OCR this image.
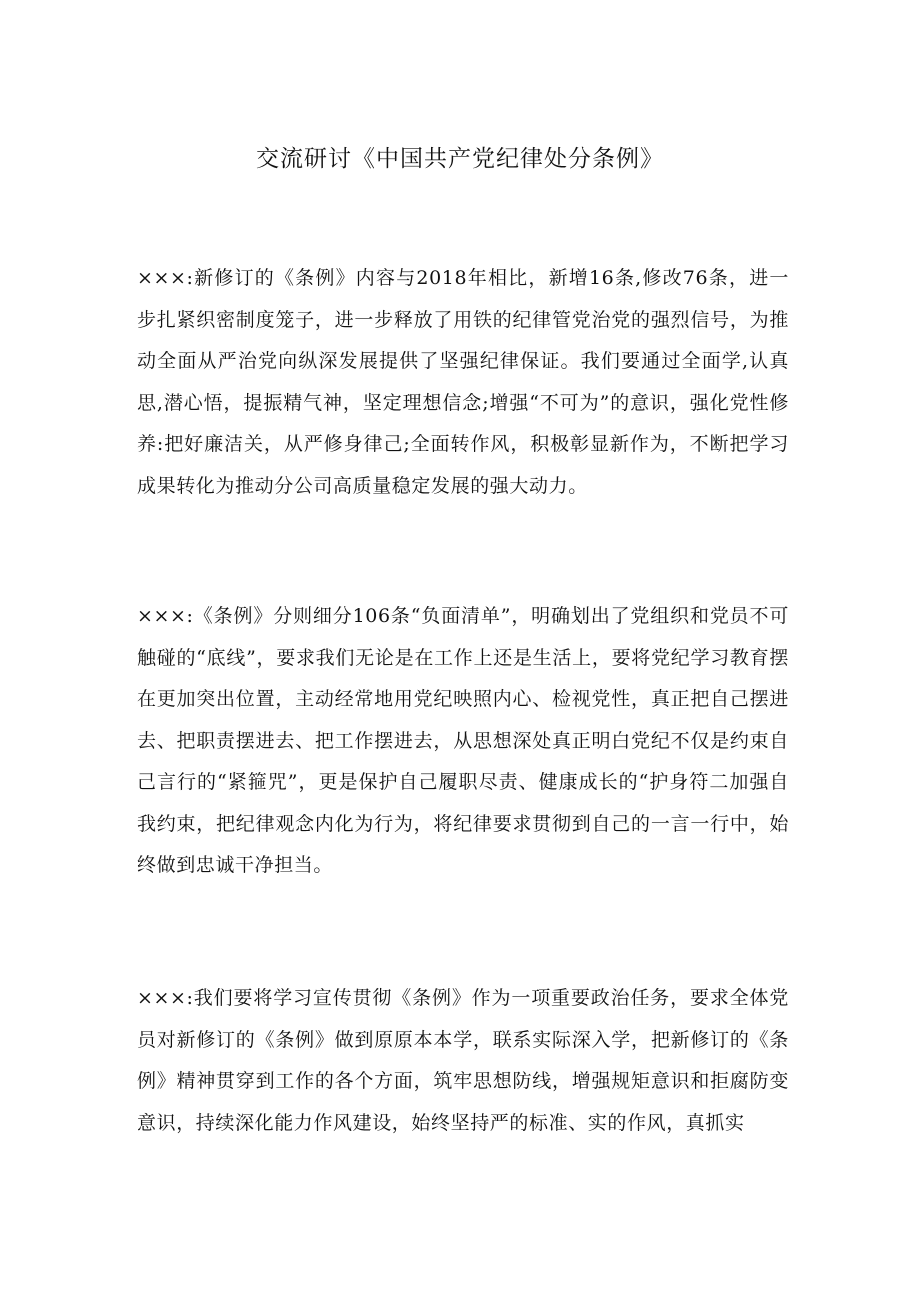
交流研讨《中国共产党纪律处分条例》

×××:新修订的《条例》内容与2018年相比，新增16条,修改76条，进一步扎紧织密制度笼子，进一步释放了用铁的纪律管党治党的强烈信号，为推动全面从严治党向纵深发展提供了坚强纪律保证。我们要通过全面学,认真思,潜心悟，提振精气神，坚定理想信念;增强“不可为”的意识，强化党性修养:把好廉洁关，从严修身律己;全面转作风，积极彰显新作为，不断把学习成果转化为推动分公司高质量稳定发展的强大动力。

×××:《条例》分则细分106条“负面清单”，明确划出了党组织和党员不可触碰的“底线”，要求我们无论是在工作上还是生活上，要将党纪学习教育摆在更加突出位置，主动经常地用党纪映照内心、检视党性，真正把自己摆进去、把职责摆进去、把工作摆进去，从思想深处真正明白党纪不仅是约束自己言行的“紧箍咒”，更是保护自己履职尽责、健康成长的“护身符二加强自我约束，把纪律观念内化为行为，将纪律要求贯彻到自己的一言一行中，始终做到忠诚干净担当。

×××:我们要将学习宣传贯彻《条例》作为一项重要政治任务，要求全体党员对新修订的《条例》做到原原本本学，联系实际深入学，把新修订的《条例》精神贯穿到工作的各个方面，筑牢思想防线，增强规矩意识和拒腐防变意识，持续深化能力作风建设，始终坚持严的标准、实的作风，真抓实
